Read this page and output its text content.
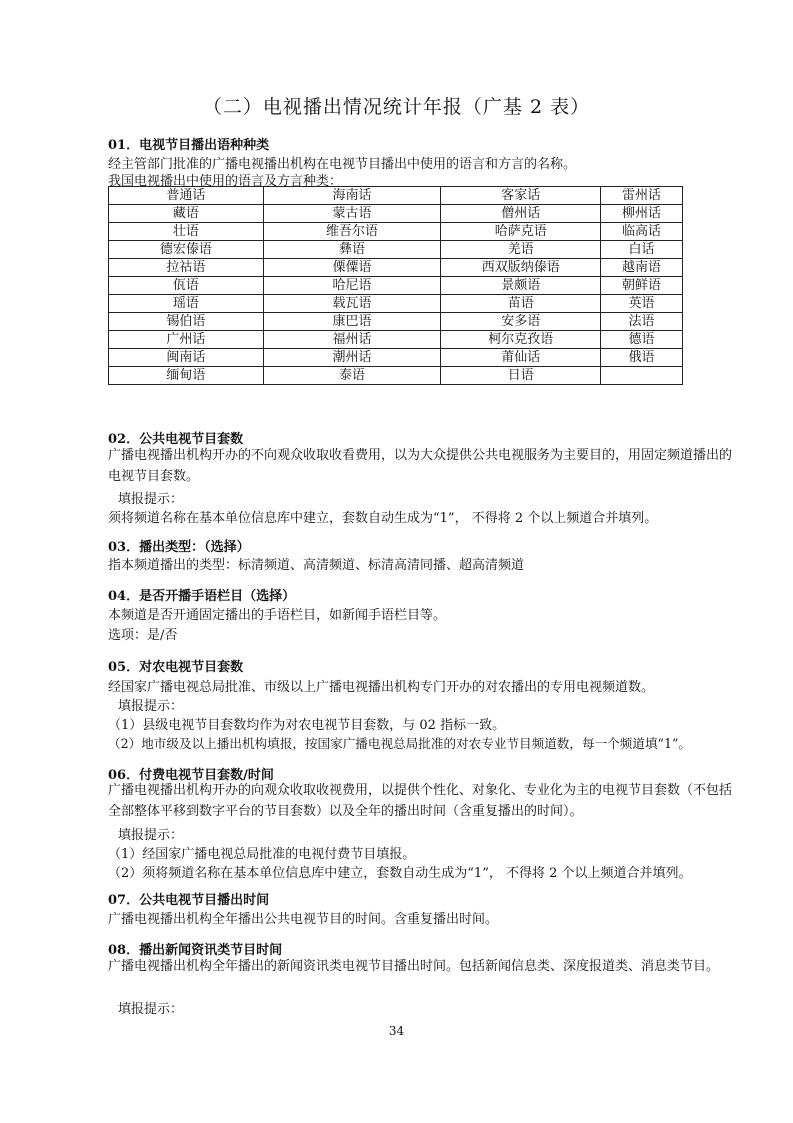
（二）电视播出情况统计年报（广基 2 表）
01．电视节目播出语种种类
经主管部门批准的广播电视播出机构在电视节目播出中使用的语言和方言的名称。
我国电视播出中使用的语言及方言种类：
普通话	海南话	客家话	雷州话
藏语	蒙古语	僧州话	柳州话
壮语	维吾尔语	哈萨克语	临高话
德宏傣语	彝语	羌语	白话
拉祜语	傈僳语	西双版纳傣语	越南语
佤语	哈尼语	景颇语	朝鲜语
瑶语	载瓦语	苗语	英语
锡伯语	康巴语	安多语	法语
广州话	福州话	柯尔克孜语	德语
闽南话	潮州话	莆仙话	俄语
缅甸语	泰语	日语	
02．公共电视节目套数
广播电视播出机构开办的不向观众收取收看费用，以为大众提供公共电视服务为主要目的，用固定频道播出的电视节目套数。
填报提示：
须将频道名称在基本单位信息库中建立，套数自动生成为“1”， 不得将 2 个以上频道合并填列。
03．播出类型：（选择）
指本频道播出的类型：标清频道、高清频道、标清高清同播、超高清频道
04．是否开播手语栏目（选择）
本频道是否开通固定播出的手语栏目，如新闻手语栏目等。
选项：是/否
05．对农电视节目套数
经国家广播电视总局批准、市级以上广播电视播出机构专门开办的对农播出的专用电视频道数。
填报提示：
（1）县级电视节目套数均作为对农电视节目套数，与 02 指标一致。
（2）地市级及以上播出机构填报，按国家广播电视总局批准的对农专业节目频道数，每一个频道填“1”。
06．付费电视节目套数/时间
广播电视播出机构开办的向观众收取收视费用，以提供个性化、对象化、专业化为主的电视节目套数（不包括全部整体平移到数字平台的节目套数）以及全年的播出时间（含重复播出的时间）。
填报提示：
（1）经国家广播电视总局批准的电视付费节目填报。
（2）须将频道名称在基本单位信息库中建立，套数自动生成为“1”， 不得将 2 个以上频道合并填列。
07．公共电视节目播出时间
广播电视播出机构全年播出公共电视节目的时间。含重复播出时间。
08．播出新闻资讯类节目时间
广播电视播出机构全年播出的新闻资讯类电视节目播出时间。包括新闻信息类、深度报道类、消息类节目。
填报提示：
34
